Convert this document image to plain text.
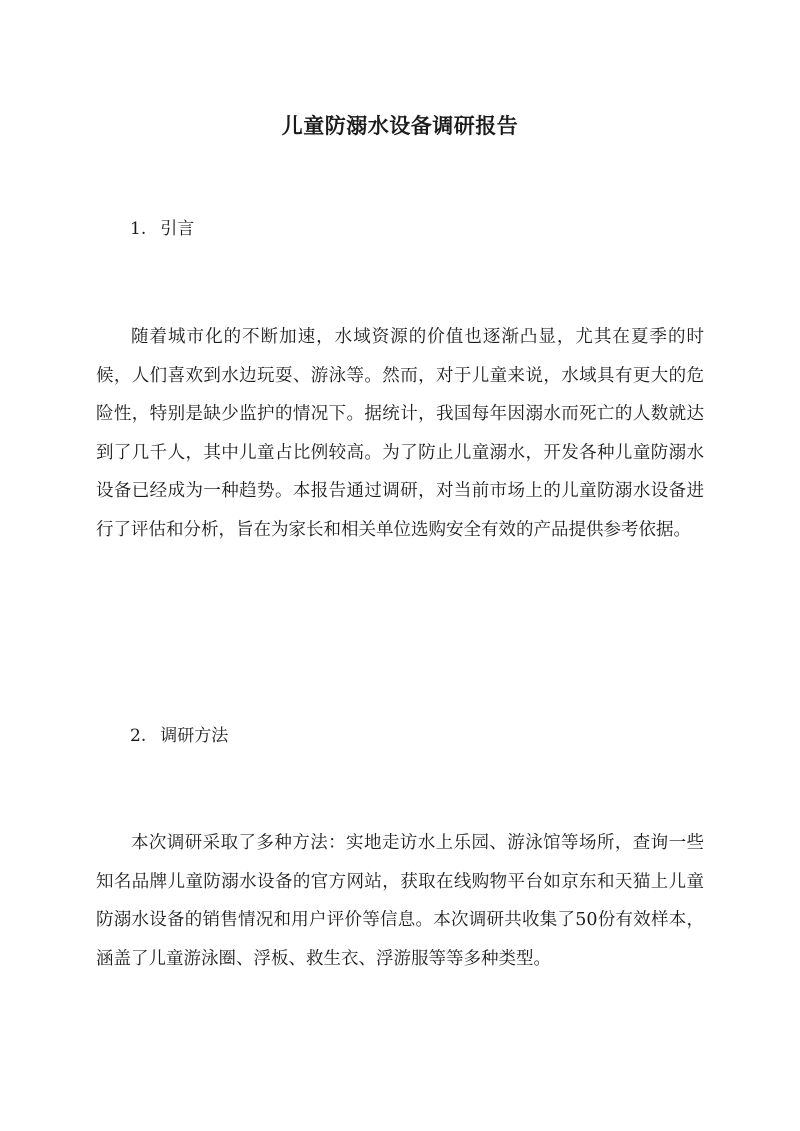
儿童防溺水设备调研报告
1. 引言

随着城市化的不断加速，水域资源的价值也逐渐凸显，尤其在夏季的时候，人们喜欢到水边玩耍、游泳等。然而，对于儿童来说，水域具有更大的危险性，特别是缺少监护的情况下。据统计，我国每年因溺水而死亡的人数就达到了几千人，其中儿童占比例较高。为了防止儿童溺水，开发各种儿童防溺水设备已经成为一种趋势。本报告通过调研，对当前市场上的儿童防溺水设备进行了评估和分析，旨在为家长和相关单位选购安全有效的产品提供参考依据。

2. 调研方法

本次调研采取了多种方法：实地走访水上乐园、游泳馆等场所，查询一些知名品牌儿童防溺水设备的官方网站，获取在线购物平台如京东和天猫上儿童防溺水设备的销售情况和用户评价等信息。本次调研共收集了50份有效样本，涵盖了儿童游泳圈、浮板、救生衣、浮游服等等多种类型。
